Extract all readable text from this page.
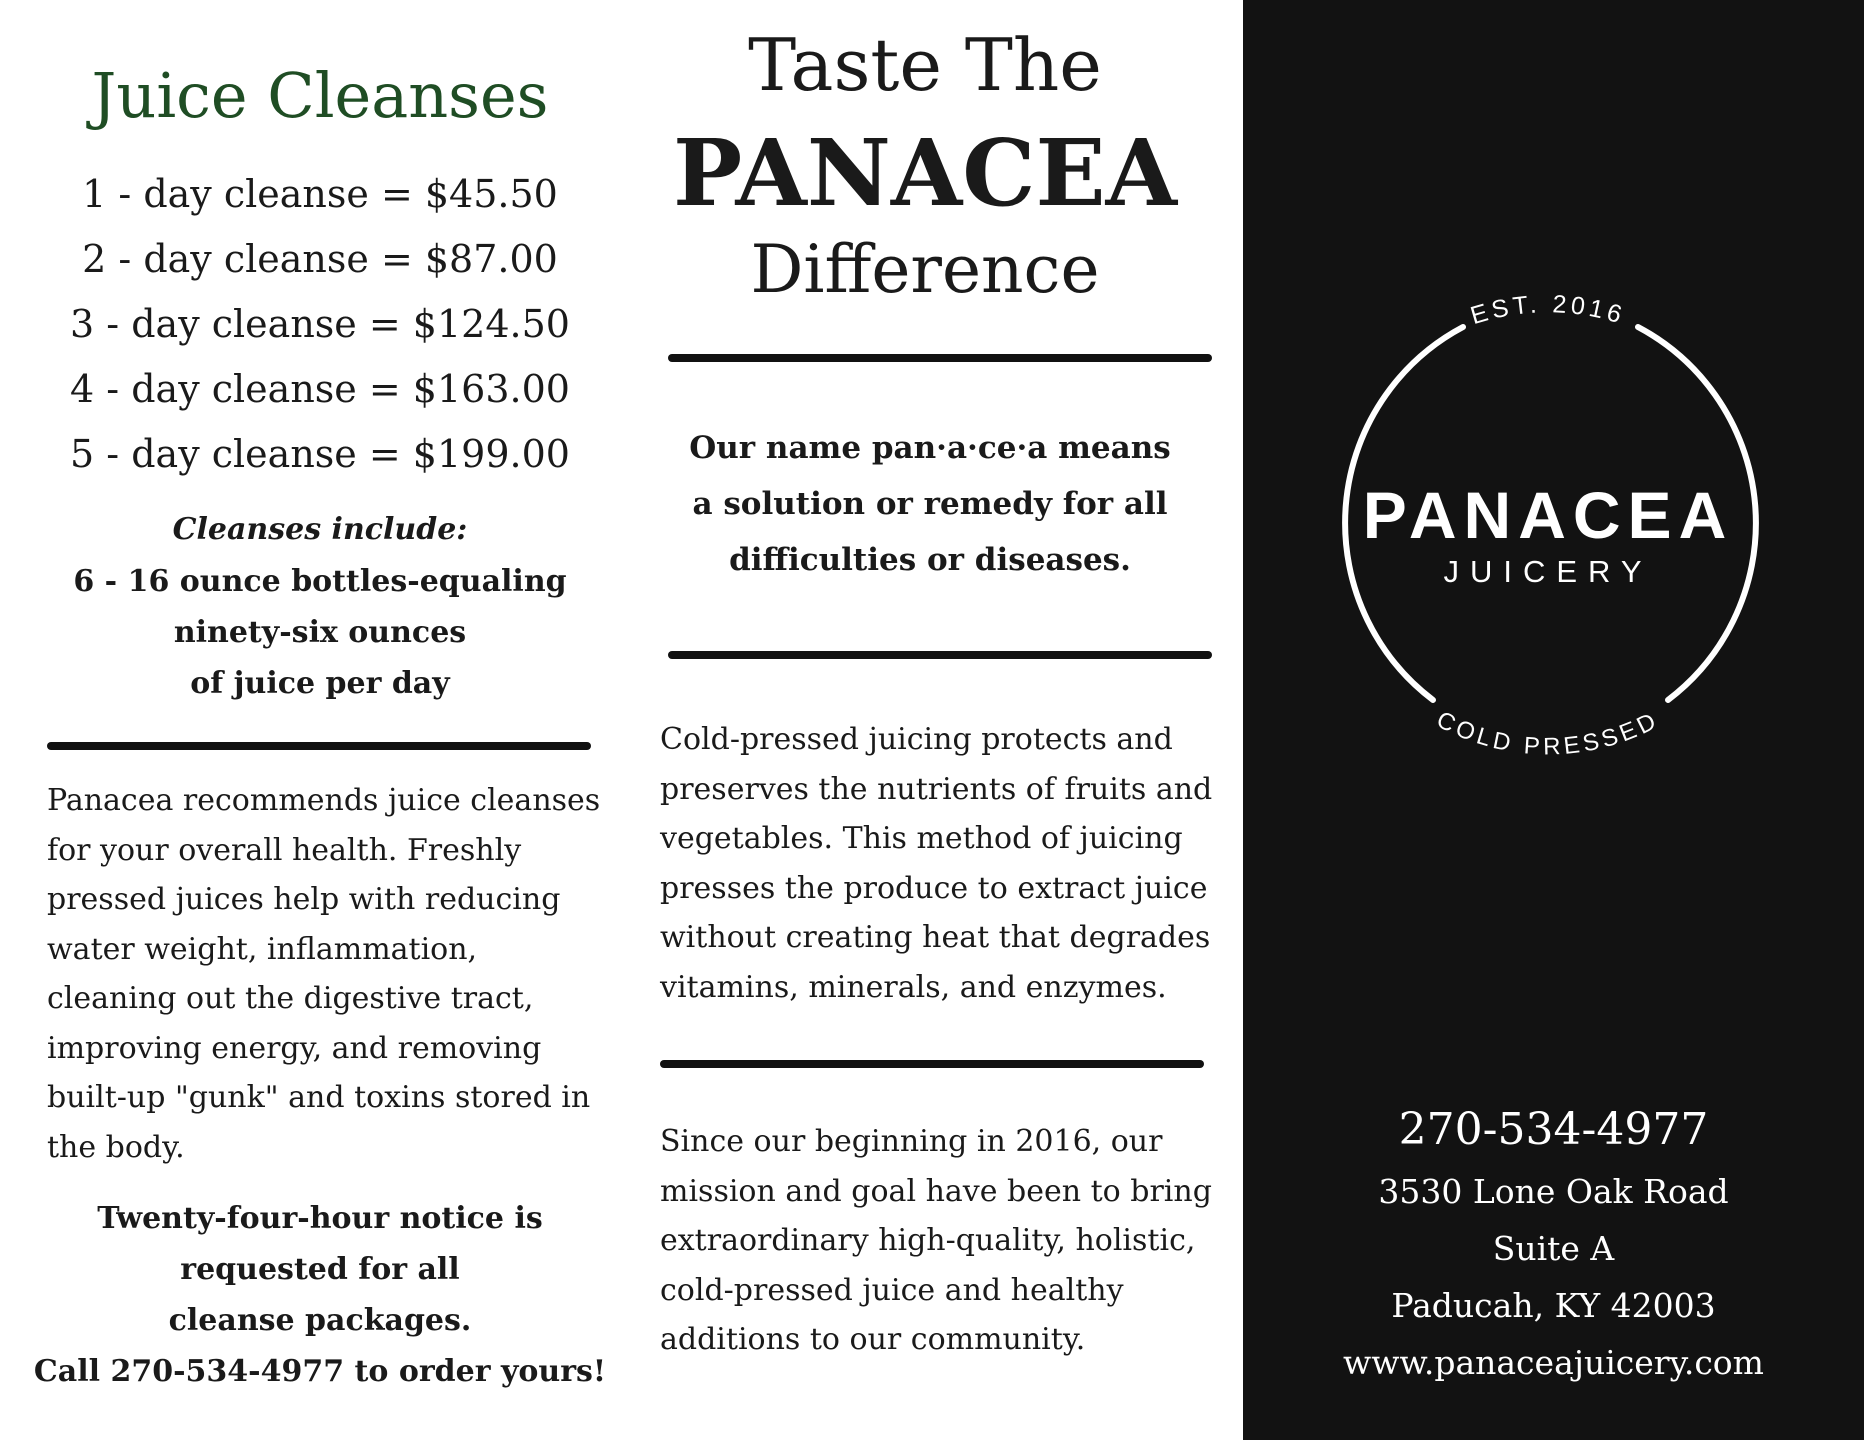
Juice Cleanses
1 - day cleanse = $45.50
2 - day cleanse = $87.00
3 - day cleanse = $124.50
4 - day cleanse = $163.00
5 - day cleanse = $199.00
Cleanses include:
6 - 16 ounce bottles-equaling
ninety-six ounces
of juice per day
Panacea recommends juice cleanses
for your overall health. Freshly
pressed juices help with reducing
water weight, inflammation,
cleaning out the digestive tract,
improving energy, and removing
built-up "gunk" and toxins stored in
the body.
Twenty-four-hour notice is
requested for all
cleanse packages.
Call 270-534-4977 to order yours!
Taste The
PANACEA
Difference
Our name pan·a·ce·a means
a solution or remedy for all
difficulties or diseases.
Cold-pressed juicing protects and
preserves the nutrients of fruits and
vegetables. This method of juicing
presses the produce to extract juice
without creating heat that degrades
vitamins, minerals, and enzymes.
Since our beginning in 2016, our
mission and goal have been to bring
extraordinary high-quality, holistic,
cold-pressed juice and healthy
additions to our community.
EST. 2016
PANACEA
JUICERY
COLD PRESSED
270-534-4977
3530 Lone Oak Road
Suite A
Paducah, KY 42003
www.panaceajuicery.com
